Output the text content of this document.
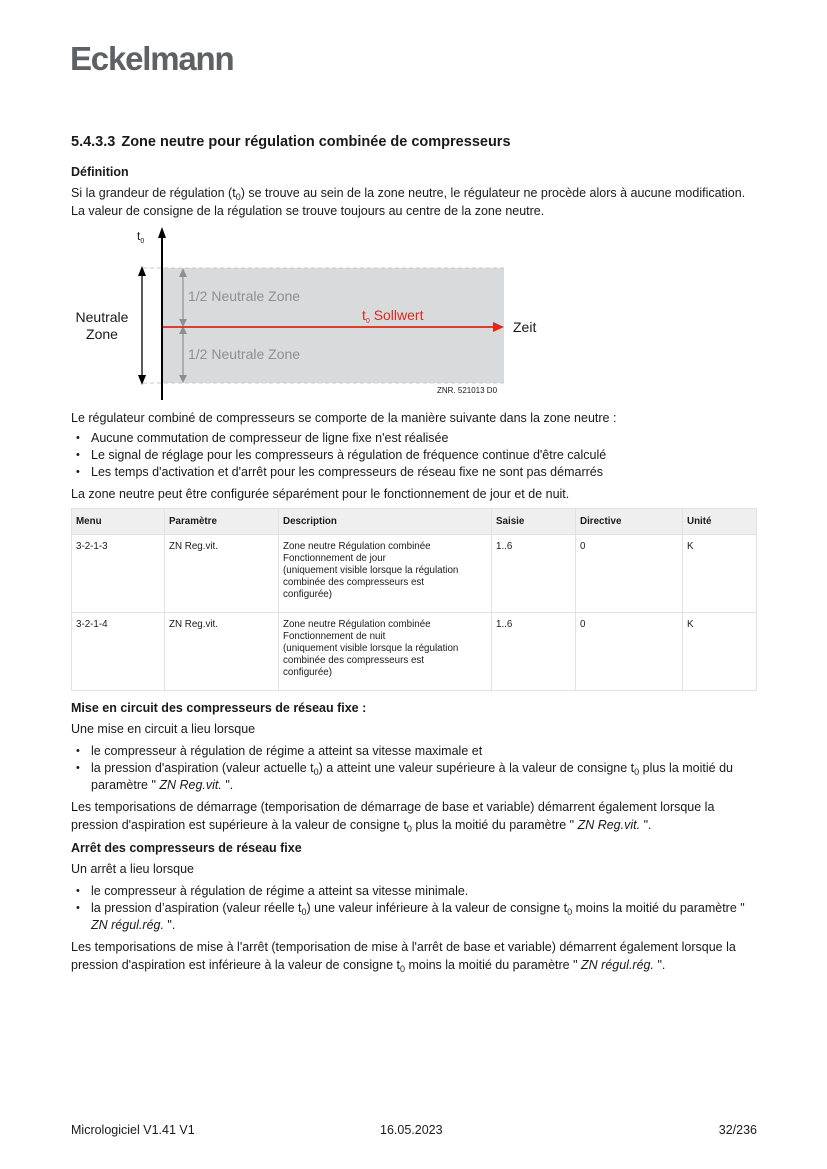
Eckelmann
5.4.3.3 Zone neutre pour régulation combinée de compresseurs
Définition

Si la grandeur de régulation $(t_0)$ se trouve au sein de la zone neutre, le régulateur ne procède alors à aucune modification. La valeur de consigne de la régulation se trouve toujours au centre de la zone neutre.

$t_0$
Neutrale
Zone
1/2 Neutrale Zone
1/2 Neutrale Zone
$t_0$ Sollwert
Zeit
ZNR. 521013 D0

Le régulateur combiné de compresseurs se comporte de la manière suivante dans la zone neutre :

• Aucune commutation de compresseur de ligne fixe n'est réalisée
• Le signal de réglage pour les compresseurs à régulation de fréquence continue d'être calculé
• Les temps d'activation et d'arrêt pour les compresseurs de réseau fixe ne sont pas démarrés

La zone neutre peut être configurée séparément pour le fonctionnement de jour et de nuit.

Menu	Paramètre	Description	Saisie	Directive	Unité
3-2-1-3	ZN Reg.vit.	Zone neutre Régulation combinée
Fonctionnement de jour
(uniquement visible lorsque la régulation
combinée des compresseurs est
configurée)	1..6	0	K
3-2-1-4	ZN Reg.vit.	Zone neutre Régulation combinée
Fonctionnement de nuit
(uniquement visible lorsque la régulation
combinée des compresseurs est
configurée)	1..6	0	K
Mise en circuit des compresseurs de réseau fixe :

Une mise en circuit a lieu lorsque

• le compresseur à régulation de régime a atteint sa vitesse maximale et
• la pression d'aspiration (valeur actuelle $t_0$) a atteint une valeur supérieure à la valeur de consigne $t_0$ plus la moitié du paramètre " ZN Reg.vit. ".

Les temporisations de démarrage (temporisation de démarrage de base et variable) démarrent également lorsque la pression d'aspiration est supérieure à la valeur de consigne $t_0$ plus la moitié du paramètre " ZN Reg.vit. ".

Arrêt des compresseurs de réseau fixe

Un arrêt a lieu lorsque

• le compresseur à régulation de régime a atteint sa vitesse minimale.
• la pression d’aspiration (valeur réelle $t_0$) une valeur inférieure à la valeur de consigne $t_0$ moins la moitié du paramètre " ZN régul.rég. ".

Les temporisations de mise à l'arrêt (temporisation de mise à l'arrêt de base et variable) démarrent également lorsque la pression d'aspiration est inférieure à la valeur de consigne $t_0$ moins la moitié du paramètre " ZN régul.rég. ".

Micrologiciel V1.41 V1	16.05.2023	32/236
